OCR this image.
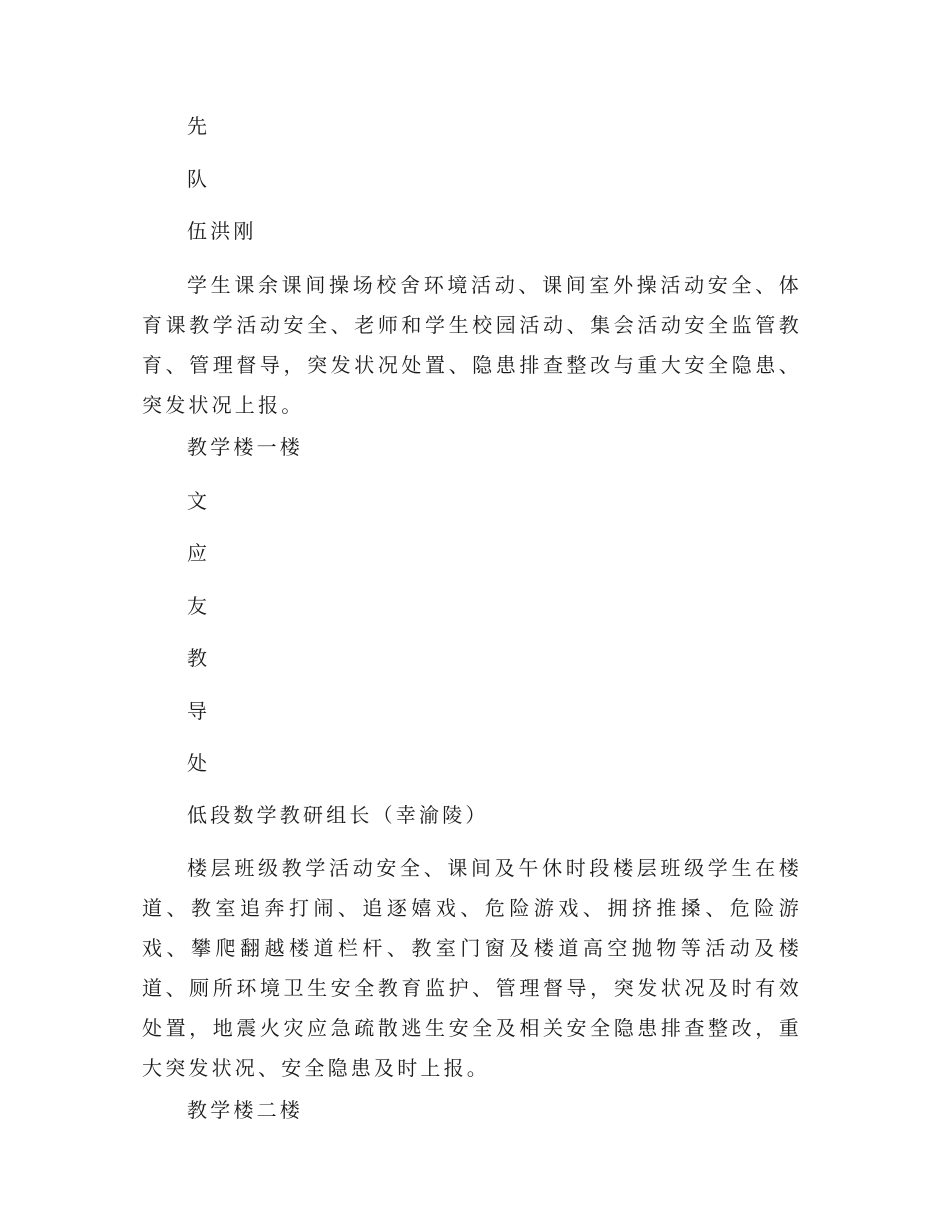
先
队
伍洪刚
学生课余课间操场校舍环境活动、课间室外操活动安全、体育课教学活动安全、老师和学生校园活动、集会活动安全监管教育、管理督导，突发状况处置、隐患排查整改与重大安全隐患、突发状况上报。
教学楼一楼
文
应
友
教
导
处
低段数学教研组长（幸渝陵）
楼层班级教学活动安全、课间及午休时段楼层班级学生在楼道、教室追奔打闹、追逐嬉戏、危险游戏、拥挤推搡、危险游戏、攀爬翻越楼道栏杆、教室门窗及楼道高空抛物等活动及楼道、厕所环境卫生安全教育监护、管理督导，突发状况及时有效处置，地震火灾应急疏散逃生安全及相关安全隐患排查整改，重大突发状况、安全隐患及时上报。
教学楼二楼
